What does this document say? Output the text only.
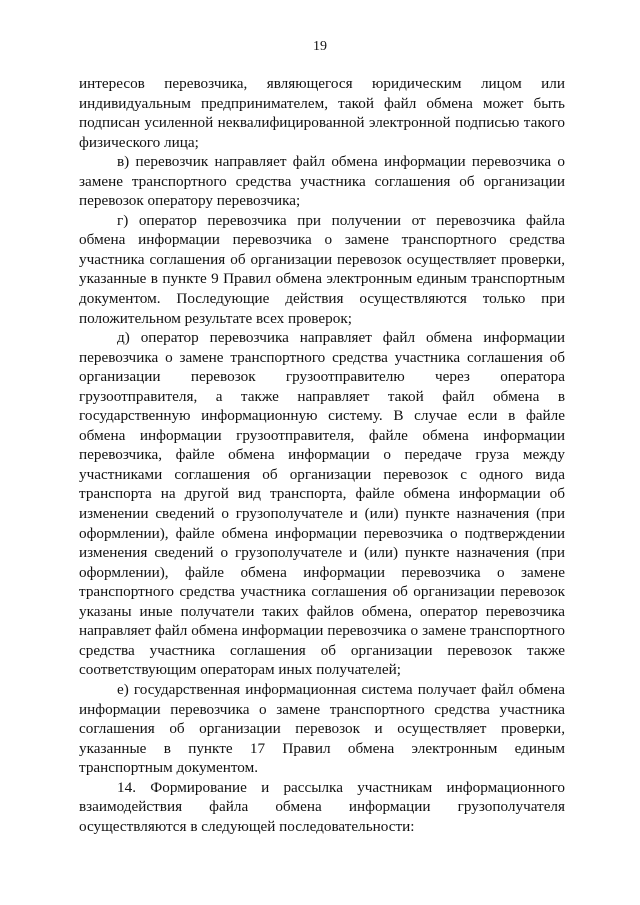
19

интересов перевозчика, являющегося юридическим лицом или индивидуальным предпринимателем, такой файл обмена может быть подписан усиленной неквалифицированной электронной подписью такого физического лица;

в) перевозчик направляет файл обмена информации перевозчика о замене транспортного средства участника соглашения об организации перевозок оператору перевозчика;

г) оператор перевозчика при получении от перевозчика файла обмена информации перевозчика о замене транспортного средства участника соглашения об организации перевозок осуществляет проверки, указанные в пункте 9 Правил обмена электронным единым транспортным документом. Последующие действия осуществляются только при положительном результате всех проверок;

д) оператор перевозчика направляет файл обмена информации перевозчика о замене транспортного средства участника соглашения об организации перевозок грузоотправителю через оператора грузоотправителя, а также направляет такой файл обмена в государственную информационную систему. В случае если в файле обмена информации грузоотправителя, файле обмена информации перевозчика, файле обмена информации о передаче груза между участниками соглашения об организации перевозок с одного вида транспорта на другой вид транспорта, файле обмена информации об изменении сведений о грузополучателе и (или) пункте назначения (при оформлении), файле обмена информации перевозчика о подтверждении изменения сведений о грузополучателе и (или) пункте назначения (при оформлении), файле обмена информации перевозчика о замене транспортного средства участника соглашения об организации перевозок указаны иные получатели таких файлов обмена, оператор перевозчика направляет файл обмена информации перевозчика о замене транспортного средства участника соглашения об организации перевозок также соответствующим операторам иных получателей;

е) государственная информационная система получает файл обмена информации перевозчика о замене транспортного средства участника соглашения об организации перевозок и осуществляет проверки, указанные в пункте 17 Правил обмена электронным единым транспортным документом.

14. Формирование и рассылка участникам информационного взаимодействия файла обмена информации грузополучателя осуществляются в следующей последовательности:
